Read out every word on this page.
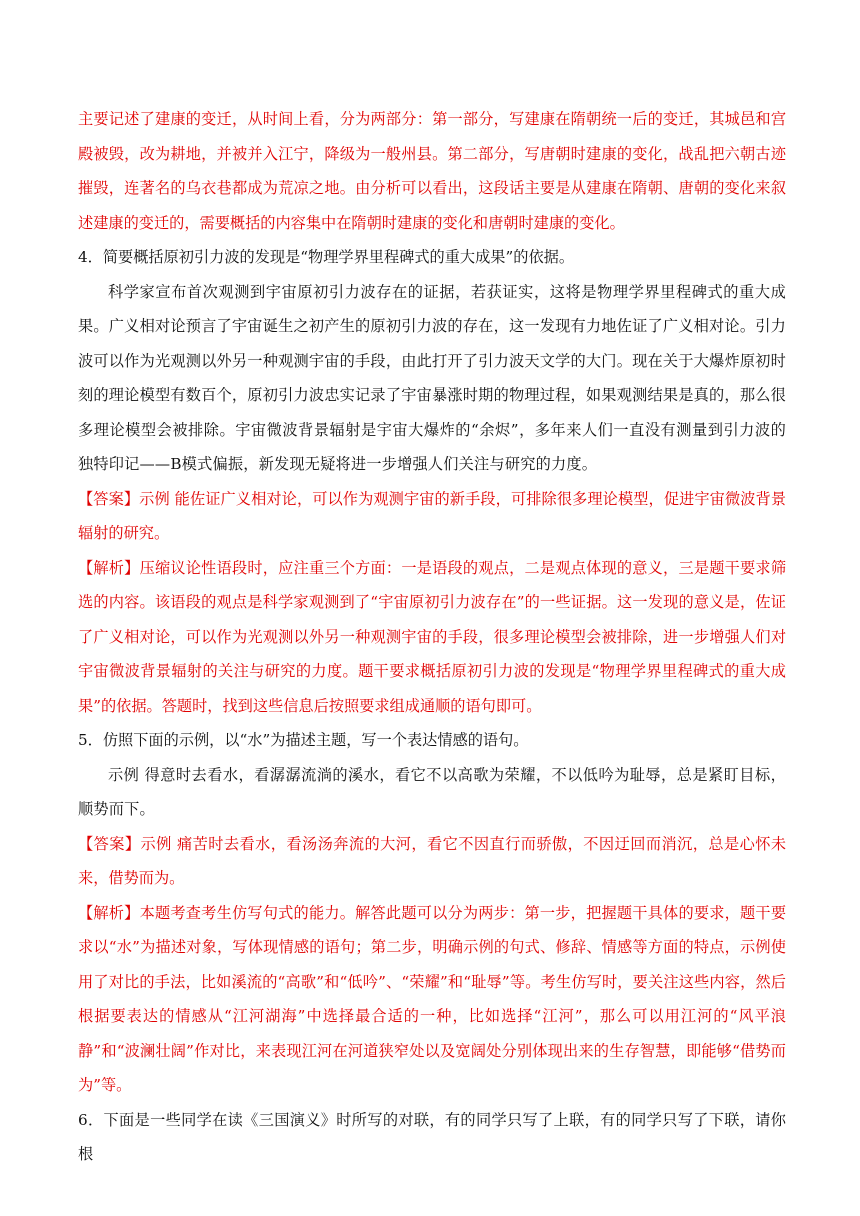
主要记述了建康的变迁，从时间上看，分为两部分：第一部分，写建康在隋朝统一后的变迁，其城邑和宫殿被毁，改为耕地，并被并入江宁，降级为一般州县。第二部分，写唐朝时建康的变化，战乱把六朝古迹摧毁，连著名的乌衣巷都成为荒凉之地。由分析可以看出，这段话主要是从建康在隋朝、唐朝的变化来叙述建康的变迁的，需要概括的内容集中在隋朝时建康的变化和唐朝时建康的变化。

4．简要概括原初引力波的发现是“物理学界里程碑式的重大成果”的依据。

科学家宣布首次观测到宇宙原初引力波存在的证据，若获证实，这将是物理学界里程碑式的重大成果。广义相对论预言了宇宙诞生之初产生的原初引力波的存在，这一发现有力地佐证了广义相对论。引力波可以作为光观测以外另一种观测宇宙的手段，由此打开了引力波天文学的大门。现在关于大爆炸原初时刻的理论模型有数百个，原初引力波忠实记录了宇宙暴涨时期的物理过程，如果观测结果是真的，那么很多理论模型会被排除。宇宙微波背景辐射是宇宙大爆炸的“余烬”，多年来人们一直没有测量到引力波的独特印记——B模式偏振，新发现无疑将进一步增强人们关注与研究的力度。

【答案】示例 能佐证广义相对论，可以作为观测宇宙的新手段，可排除很多理论模型，促进宇宙微波背景辐射的研究。

【解析】压缩议论性语段时，应注重三个方面：一是语段的观点，二是观点体现的意义，三是题干要求筛选的内容。该语段的观点是科学家观测到了“宇宙原初引力波存在”的一些证据。这一发现的意义是，佐证了广义相对论，可以作为光观测以外另一种观测宇宙的手段，很多理论模型会被排除，进一步增强人们对宇宙微波背景辐射的关注与研究的力度。题干要求概括原初引力波的发现是“物理学界里程碑式的重大成果”的依据。答题时，找到这些信息后按照要求组成通顺的语句即可。

5．仿照下面的示例，以“水”为描述主题，写一个表达情感的语句。

示例 得意时去看水，看潺潺流淌的溪水，看它不以高歌为荣耀，不以低吟为耻辱，总是紧盯目标，顺势而下。

【答案】示例 痛苦时去看水，看汤汤奔流的大河，看它不因直行而骄傲，不因迂回而消沉，总是心怀未来，借势而为。

【解析】本题考查考生仿写句式的能力。解答此题可以分为两步：第一步，把握题干具体的要求，题干要求以“水”为描述对象，写体现情感的语句；第二步，明确示例的句式、修辞、情感等方面的特点，示例使用了对比的手法，比如溪流的“高歌”和“低吟”、“荣耀”和“耻辱”等。考生仿写时，要关注这些内容，然后根据要表达的情感从“江河湖海”中选择最合适的一种，比如选择“江河”，那么可以用江河的“风平浪静”和“波澜壮阔”作对比，来表现江河在河道狭窄处以及宽阔处分别体现出来的生存智慧，即能够“借势而为”等。

6．下面是一些同学在读《三国演义》时所写的对联，有的同学只写了上联，有的同学只写了下联，请你根
